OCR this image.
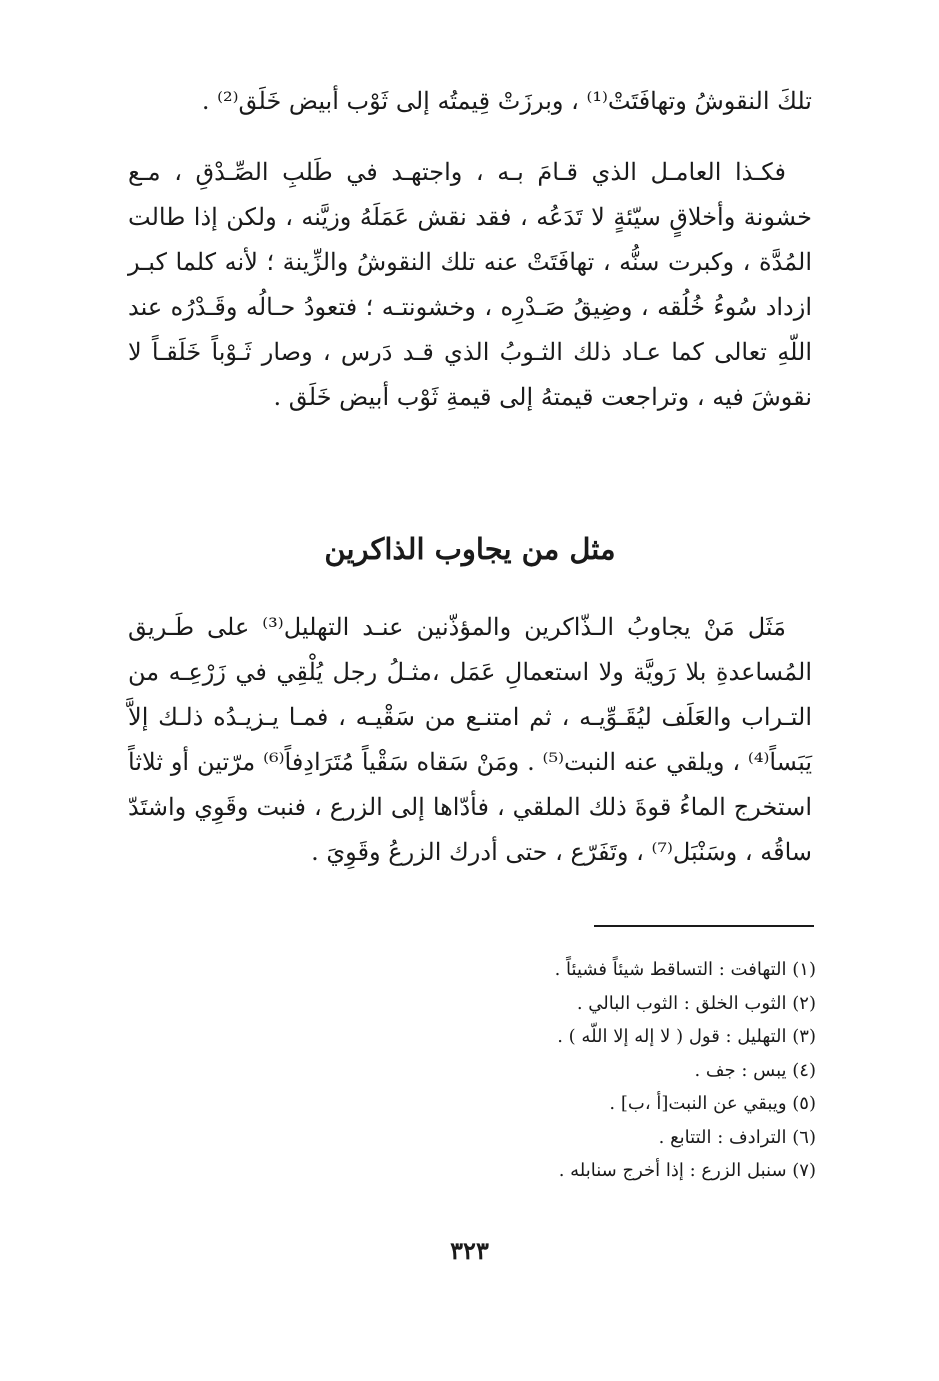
تلكَ النقوشُ وتهافَتَتْ⁽¹⁾ ، وبرزَتْ قِيمتُه إلى ثَوْب أبيض خَلَق⁽²⁾ .

فكـذا العامـل الذي قـامَ بـه ، واجتهـد في طَلبِ الصِّـدْقِ ، مـع خشونة وأخلاقٍ سيّئةٍ لا تَدَعُه ، فقد نقش عَمَلَهُ وزيَّنه ، ولكن إذا طالت المُدَّة ، وكبرت سنُّه ، تهافَتَتْ عنه تلك النقوشُ والزِّينة ؛ لأنه كلما كبـر ازداد سُوءُ خُلُقه ، وضِيقُ صَـدْرِه ، وخشونتـه ؛ فتعودُ حـالُه وقَـدْرُه عند اللّهِ تعالى كما عـاد ذلك الثـوبُ الذي قـد دَرس ، وصار ثَـوْباً خَلَقـاً لا نقوشَ فيه ، وتراجعت قيمتهُ إلى قيمةِ ثَوْب أبيض خَلَق .

مثل من يجاوب الذاكرين

مَثَل مَنْ يجاوبُ الـذّاكرين والمؤذّنين عنـد التهليل⁽³⁾ على طَـريق المُساعدةِ بلا رَويَّة ولا استعمالِ عَمَل ،مثـلُ رجل يُلْقِي في زَرْعِـه من التـراب والعَلَف ليُقَـوِّيـه ، ثم امتنـع من سَقْيـه ، فمـا يـزيـدُه ذلـك إلاَّ يَبَساً⁽⁴⁾ ، ويلقي عنه النبت⁽⁵⁾ . ومَنْ سَقاه سَقْياً مُتَرَادِفاً⁽⁶⁾ مرّتين أو ثلاثاً استخرج الماءُ قوةَ ذلك الملقي ، فأدّاها إلى الزرع ، فنبت وقَوِي واشتَدّ ساقُه ، وسَنْبَل⁽⁷⁾ ، وتَفَرّع ، حتى أدرك الزرعُ وقَوِيَ .

(١) التهافت : التساقط شيئاً فشيئاً .
(٢) الثوب الخلق : الثوب البالي .
(٣) التهليل : قول ( لا إله إلا اللّه ) .
(٤) يبس : جف .
(٥) ويبقي عن النبت[أ ،ب] .
(٦) الترادف : التتابع .
(٧) سنبل الزرع : إذا أخرج سنابله .
٣٢٣
